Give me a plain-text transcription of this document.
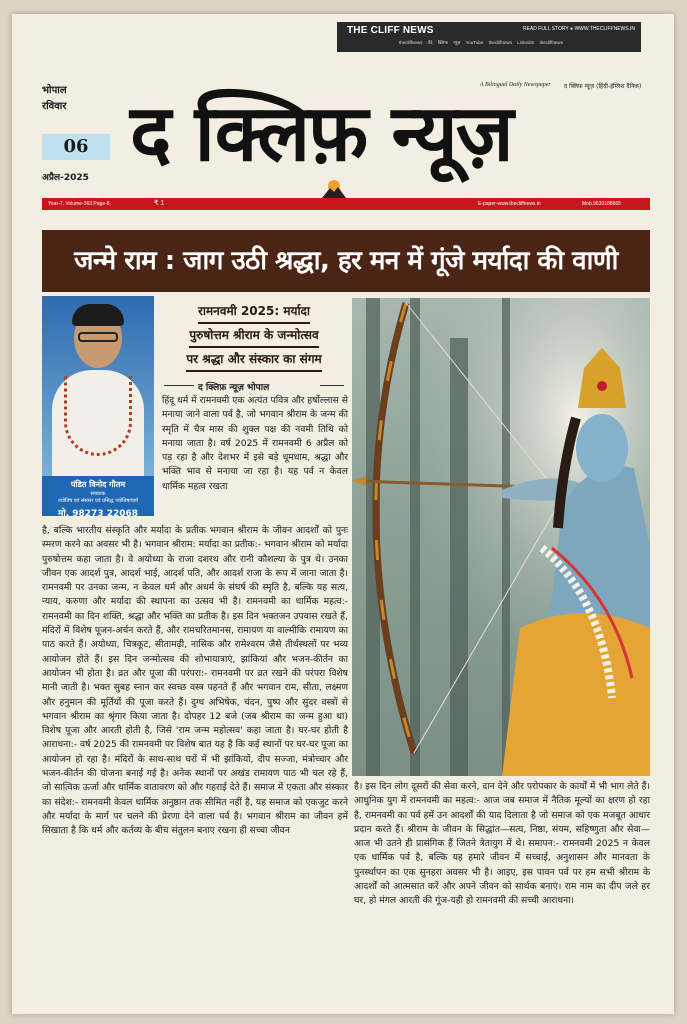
THE CLIFF NEWS	READ FULL STORY ● WWW.THECLIFFNEWS.IN
thecliffnews /दि क्लिफ न्यूज़ YouTube thecliffnews LinkedIn thecliffnews
भोपाल
रविवार
06
अप्रैल-2025
A Bilingual Daily Newspaper द क्लिफ़ न्यूज़ (हिंदी-इंग्लिश दैनिक)
द क्लिफ़ न्यूज़
Year-7, Volume-363 Page-8,	₹ 1	E-paper-www.thecliffnews.in	Mob.9630188665
जन्मे राम : जाग उठी श्रद्धा, हर मन में गूंजे मर्यादा की वाणी
पंडित विनोद गौतम
संचालक
ज्योतिष एवं संस्कार एवं प्रसिद्ध ज्योतिषाचार्य
मो. 98273 22068
रामनवमी 2025: मर्यादा पुरुषोत्तम श्रीराम के जन्मोत्सव पर श्रद्धा और संस्कार का संगम
द क्लिफ़ न्यूज़ भोपाल
हिंदू धर्म में रामनवमी एक अत्यंत पवित्र और हर्षोल्लास से मनाया जाने वाला पर्व है, जो भगवान श्रीराम के जन्म की स्मृति में चैत्र मास की शुक्ल पक्ष की नवमी तिथि को मनाया जाता है। वर्ष 2025 में रामनवमी 6 अप्रैल को पड़ रहा है और देशभर में इसे बड़े धूमधाम, श्रद्धा और भक्ति भाव से मनाया जा रहा है। यह पर्व न केवल धार्मिक महत्व रखता
है, बल्कि भारतीय संस्कृति और मर्यादा के प्रतीक भगवान श्रीराम के जीवन आदर्शों को पुनः स्मरण करने का अवसर भी है। भगवान श्रीराम: मर्यादा का प्रतीक:- भगवान श्रीराम को मर्यादा पुरुषोत्तम कहा जाता है। वे अयोध्या के राजा दशरथ और रानी कौशल्या के पुत्र थे। उनका जीवन एक आदर्श पुत्र, आदर्श भाई, आदर्श पति, और आदर्श राजा के रूप में जाना जाता है। रामनवमी पर उनका जन्म, न केवल धर्म और अधर्म के संघर्ष की स्मृति है, बल्कि यह सत्य, न्याय, करुणा और मर्यादा की स्थापना का उत्सव भी है। रामनवमी का धार्मिक महत्व:- रामनवमी का दिन शक्ति, श्रद्धा और भक्ति का प्रतीक है। इस दिन भक्तजन उपवास रखते हैं, मंदिरों में विशेष पूजन-अर्चन करते हैं, और रामचरितमानस, रामायण या वाल्मीकि रामायण का पाठ करते हैं। अयोध्या, चित्रकूट, सीतामढ़ी, नासिक और रामेश्वरम जैसे तीर्थस्थलों पर भव्य आयोजन होते हैं। इस दिन जन्मोत्सव की शोभायात्राएं, झांकियां और भजन-कीर्तन का आयोजन भी होता है। व्रत और पूजा की परंपरा:- रामनवमी पर व्रत रखने की परंपरा विशेष मानी जाती है। भक्त सुबह स्नान कर स्वच्छ वस्त्र पहनते हैं और भगवान राम, सीता, लक्ष्मण और हनुमान की मूर्तियों की पूजा करते हैं। दुग्ध अभिषेक, चंदन, पुष्प और सुंदर वस्त्रों से भगवान श्रीराम का श्रृंगार किया जाता है। दोपहर 12 बजे (जब श्रीराम का जन्म हुआ था) विशेष पूजा और आरती होती है, जिसे 'राम जन्म महोत्सव' कहा जाता है। घर-घर होती है आराधना:- वर्ष 2025 की रामनवमी पर विशेष बात यह है कि कई स्थानों पर घर-घर पूजा का आयोजन हो रहा है। मंदिरों के साथ-साथ घरों में भी झांकियों, दीप सज्जा, मंत्रोच्चार और भजन-कीर्तन की योजना बनाई गई है। अनेक स्थानों पर अखंड रामायण पाठ भी चल रहे हैं, जो सात्विक ऊर्जा और धार्मिक वातावरण को और गहराई देते हैं। समाज में एकता और संस्कार का संदेश:- रामनवमी केवल धार्मिक अनुष्ठान तक सीमित नहीं है, यह समाज को एकजुट करने और मर्यादा के मार्ग पर चलने की प्रेरणा देने वाला पर्व है। भगवान श्रीराम का जीवन हमें सिखाता है कि धर्म और कर्तव्य के बीच संतुलन बनाए रखना ही सच्चा जीवन
है। इस दिन लोग दूसरों की सेवा करने, दान देने और परोपकार के कार्यों में भी भाग लेते हैं। आधुनिक युग में रामनवमी का महत्व:- आज जब समाज में नैतिक मूल्यों का क्षरण हो रहा है, रामनवमी का पर्व हमें उन आदर्शों की याद दिलाता है जो समाज को एक मजबूत आधार प्रदान करते हैं। श्रीराम के जीवन के सिद्धांत—सत्य, निष्ठा, संयम, सहिष्णुता और सेवा—आज भी उतने ही प्रासंगिक हैं जितने त्रेतायुग में थे। समापन:- रामनवमी 2025 न केवल एक धार्मिक पर्व है, बल्कि यह हमारे जीवन में सच्चाई, अनुशासन और मानवता के पुनर्स्थापन का एक सुनहरा अवसर भी है। आइए, इस पावन पर्व पर हम सभी श्रीराम के आदर्शों को आत्मसात करें और अपने जीवन को सार्थक बनाएं। राम नाम का दीप जले हर घर, हो मंगल आरती की गूंज-यही हो रामनवमी की सच्ची आराधना।
